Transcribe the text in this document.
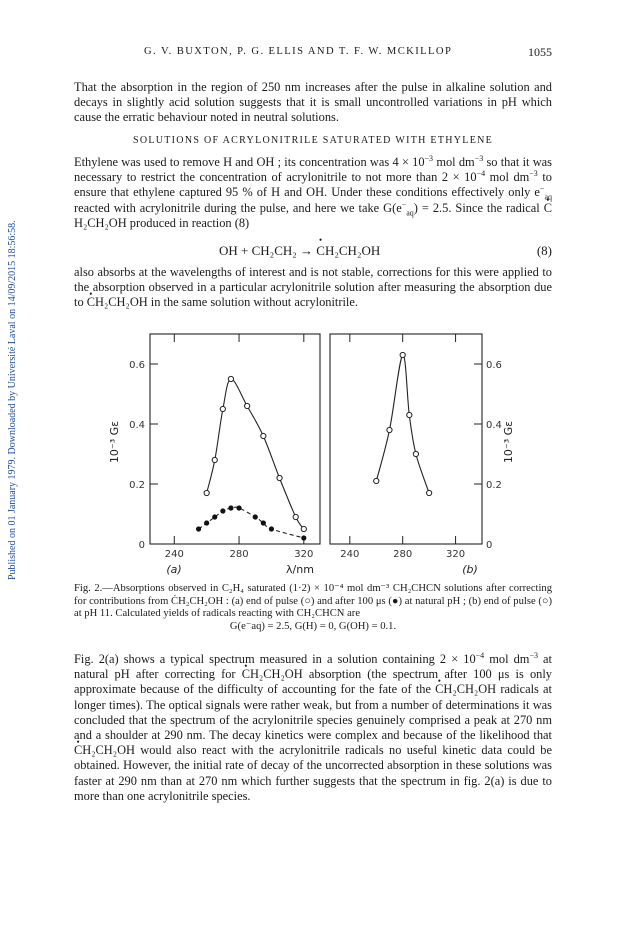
Published on 01 January 1979. Downloaded by Université Laval on 14/09/2015 18:56:58.
G. V. BUXTON, P. G. ELLIS AND T. F. W. MCKILLOP	1055

That the absorption in the region of 250 nm increases after the pulse in alkaline solution and decays in slightly acid solution suggests that it is small uncontrolled variations in pH which cause the erratic behaviour noted in neutral solutions.

SOLUTIONS OF ACRYLONITRILE SATURATED WITH ETHYLENE

Ethylene was used to remove H and OH ; its concentration was $4 \times 10^{-3}$ mol $dm^{-3}$ so that it was necessary to restrict the concentration of acrylonitrile to not more than $2 \times 10^{-4}$ mol $dm^{-3}$ to ensure that ethylene captured 95 % of H and OH. Under these conditions effectively only $e^-_{aq}$ reacted with acrylonitrile during the pulse, and here we take $G(e^-_{aq}) = 2.5$. Since the radical • CH₂CH₂OH produced in reaction (8)

OH + CH₂CH₂ → • CH₂CH₂OH	(8)

also absorbs at the wavelengths of interest and is not stable, corrections for this were applied to the absorption observed in a particular acrylonitrile solution after measuring the absorption due to • CH₂CH₂OH in the same solution without acrylonitrile.

0
0.2
0.4
0.6
0.2
0.4
0.6
0
240	240
280	280
320	320
λ/nm
(a)	(b)
10⁻³ Gε	10⁻³ Gε
Fig. 2.—Absorptions observed in C₂H₄ saturated (1·2) × 10⁻⁴ mol dm⁻³ CH₂CHCN solutions after correcting for contributions from ĊH₂CH₂OH : (a) end of pulse (○) and after 100 μs (●) at natural pH ; (b) end of pulse (○) at pH 11. Calculated yields of radicals reacting with CH₂CHCN are
G(e⁻aq) = 2.5, G(H) = 0, G(OH) = 0.1.

Fig. 2(a) shows a typical spectrum measured in a solution containing $2 \times 10^{-4}$ mol $dm^{-3}$ at natural pH after correcting for • CH₂CH₂OH absorption (the spectrum after 100 μs is only approximate because of the difficulty of accounting for the fate of the • CH₂CH₂OH radicals at longer times). The optical signals were rather weak, but from a number of determinations it was concluded that the spectrum of the acrylonitrile species genuinely comprised a peak at 270 nm and a shoulder at 290 nm. The decay kinetics were complex and because of the likelihood that • CH₂CH₂OH would also react with the acrylonitrile radicals no useful kinetic data could be obtained. However, the initial rate of decay of the uncorrected absorption in these solutions was faster at 290 nm than at 270 nm which further suggests that the spectrum in fig. 2(a) is due to more than one acrylonitrile species.
